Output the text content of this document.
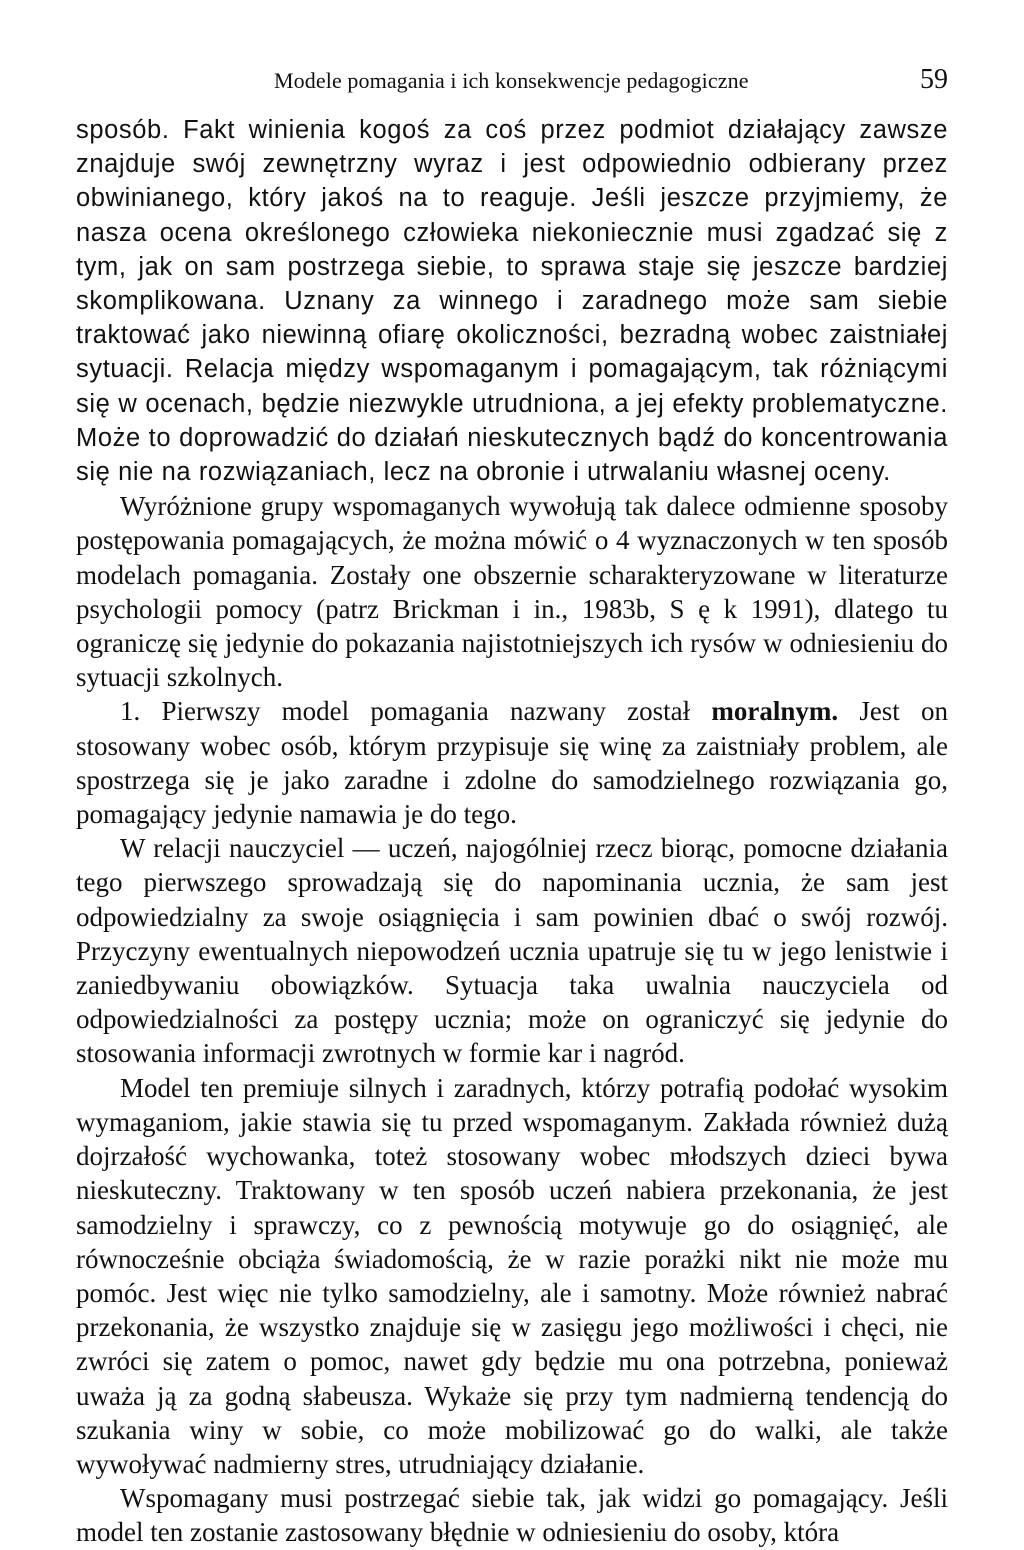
Modele pomagania i ich konsekwencje pedagogiczne	59

sposób. Fakt winienia kogoś za coś przez podmiot działający zawsze znajduje swój zewnętrzny wyraz i jest odpowiednio odbierany przez obwinianego, który jakoś na to reaguje. Jeśli jeszcze przyjmiemy, że nasza ocena określonego człowieka niekoniecznie musi zgadzać się z tym, jak on sam postrzega siebie, to sprawa staje się jeszcze bardziej skomplikowana. Uznany za winnego i zaradnego może sam siebie traktować jako niewinną ofiarę okoliczności, bezradną wobec zaistniałej sytuacji. Relacja między wspomaganym i pomagającym, tak różniącymi się w ocenach, będzie niezwykle utrudniona, a jej efekty problematyczne. Może to doprowadzić do działań nieskutecznych bądź do koncentrowania się nie na rozwiązaniach, lecz na obronie i utrwalaniu własnej oceny.

Wyróżnione grupy wspomaganych wywołują tak dalece odmienne sposoby postępowania pomagających, że można mówić o 4 wyznaczonych w ten sposób modelach pomagania. Zostały one obszernie scharakteryzowane w literaturze psychologii pomocy (patrz Brickman i in., 1983b, S ę k 1991), dlatego tu ograniczę się jedynie do pokazania najistotniejszych ich rysów w odniesieniu do sytuacji szkolnych.

1. Pierwszy model pomagania nazwany został moralnym. Jest on stosowany wobec osób, którym przypisuje się winę za zaistniały problem, ale spostrzega się je jako zaradne i zdolne do samodzielnego rozwiązania go, pomagający jedynie namawia je do tego.

W relacji nauczyciel — uczeń, najogólniej rzecz biorąc, pomocne działania tego pierwszego sprowadzają się do napominania ucznia, że sam jest odpowiedzialny za swoje osiągnięcia i sam powinien dbać o swój rozwój. Przyczyny ewentualnych niepowodzeń ucznia upatruje się tu w jego lenistwie i zaniedbywaniu obowiązków. Sytuacja taka uwalnia nauczyciela od odpowiedzialności za postępy ucznia; może on ograniczyć się jedynie do stosowania informacji zwrotnych w formie kar i nagród.

Model ten premiuje silnych i zaradnych, którzy potrafią podołać wysokim wymaganiom, jakie stawia się tu przed wspomaganym. Zakłada również dużą dojrzałość wychowanka, toteż stosowany wobec młodszych dzieci bywa nieskuteczny. Traktowany w ten sposób uczeń nabiera przekonania, że jest samodzielny i sprawczy, co z pewnością motywuje go do osiągnięć, ale równocześnie obciąża świadomością, że w razie porażki nikt nie może mu pomóc. Jest więc nie tylko samodzielny, ale i samotny. Może również nabrać przekonania, że wszystko znajduje się w zasięgu jego możliwości i chęci, nie zwróci się zatem o pomoc, nawet gdy będzie mu ona potrzebna, ponieważ uważa ją za godną słabeusza. Wykaże się przy tym nadmierną tendencją do szukania winy w sobie, co może mobilizować go do walki, ale także wywoływać nadmierny stres, utrudniający działanie.

Wspomagany musi postrzegać siebie tak, jak widzi go pomagający. Jeśli model ten zostanie zastosowany błędnie w odniesieniu do osoby, która
